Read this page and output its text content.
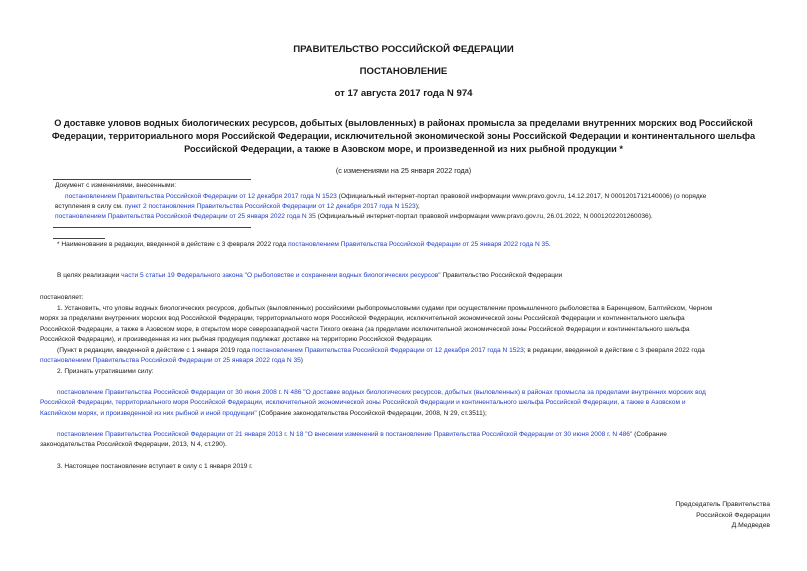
ПРАВИТЕЛЬСТВО РОССИЙСКОЙ ФЕДЕРАЦИИ
ПОСТАНОВЛЕНИЕ
от 17 августа 2017 года N 974
О доставке уловов водных биологических ресурсов, добытых (выловленных) в районах промысла за пределами внутренних морских вод Российской
Федерации, территориального моря Российской Федерации, исключительной экономической зоны Российской Федерации и континентального шельфа
Российской Федерации, а также в Азовском море, и произведенной из них рыбной продукции *
(с изменениями на 25 января 2022 года)
Документ с изменениями, внесенными:
постановлением Правительства Российской Федерации от 12 декабря 2017 года N 1523 (Официальный интернет-портал правовой информации www.pravo.gov.ru, 14.12.2017, N 0001201712140006) (о порядке
вступления в силу см. пункт 2 постановления Правительства Российской Федерации от 12 декабря 2017 года N 1523);
постановлением Правительства Российской Федерации от 25 января 2022 года N 35 (Официальный интернет-портал правовой информации www.pravo.gov.ru, 26.01.2022, N 0001202201260036).
* Наименование в редакции, введенной в действие с 3 февраля 2022 года постановлением Правительства Российской Федерации от 25 января 2022 года N 35.
В целях реализации части 5 статьи 19 Федерального закона "О рыболовстве и сохранении водных биологических ресурсов" Правительство Российской Федерации
постановляет:
1. Установить, что уловы водных биологических ресурсов, добытых (выловленных) российскими рыбопромысловыми судами при осуществлении промышленного рыболовства в Баренцевом, Балтийском, Черном
морях за пределами внутренних морских вод Российской Федерации, территориального моря Российской Федерации, исключительной экономической зоны Российской Федерации и континентального шельфа
Российской Федерации, а также в Азовском море, в открытом море северозападной части Тихого океана (за пределами исключительной экономической зоны Российской Федерации и континентального шельфа
Российской Федерации), и произведенная из них рыбная продукция подлежат доставке на территорию Российской Федерации.
(Пункт в редакции, введенной в действие с 1 января 2019 года постановлением Правительства Российской Федерации от 12 декабря 2017 года N 1523; в редакции, введенной в действие с 3 февраля 2022 года
постановлением Правительства Российской Федерации от 25 января 2022 года N 35)
2. Признать утратившими силу:
постановление Правительства Российской Федерации от 30 июня 2008 г. N 486 "О доставке водных биологических ресурсов, добытых (выловленных) в районах промысла за пределами внутренних морских вод
Российской Федерации, территориального моря Российской Федерации, исключительной экономической зоны Российской Федерации и континентального шельфа Российской Федерации, а также в Азовском и
Каспийском морях, и произведенной из них рыбной и иной продукции" (Собрание законодательства Российской Федерации, 2008, N 29, ст.3511);
постановление Правительства Российской Федерации от 21 января 2013 г. N 18 "О внесении изменений в постановление Правительства Российской Федерации от 30 июня 2008 г. N 486" (Собрание
законодательства Российской Федерации, 2013, N 4, ст.290).
3. Настоящее постановление вступает в силу с 1 января 2019 г.
Председатель Правительства
Российской Федерации
Д.Медведев
